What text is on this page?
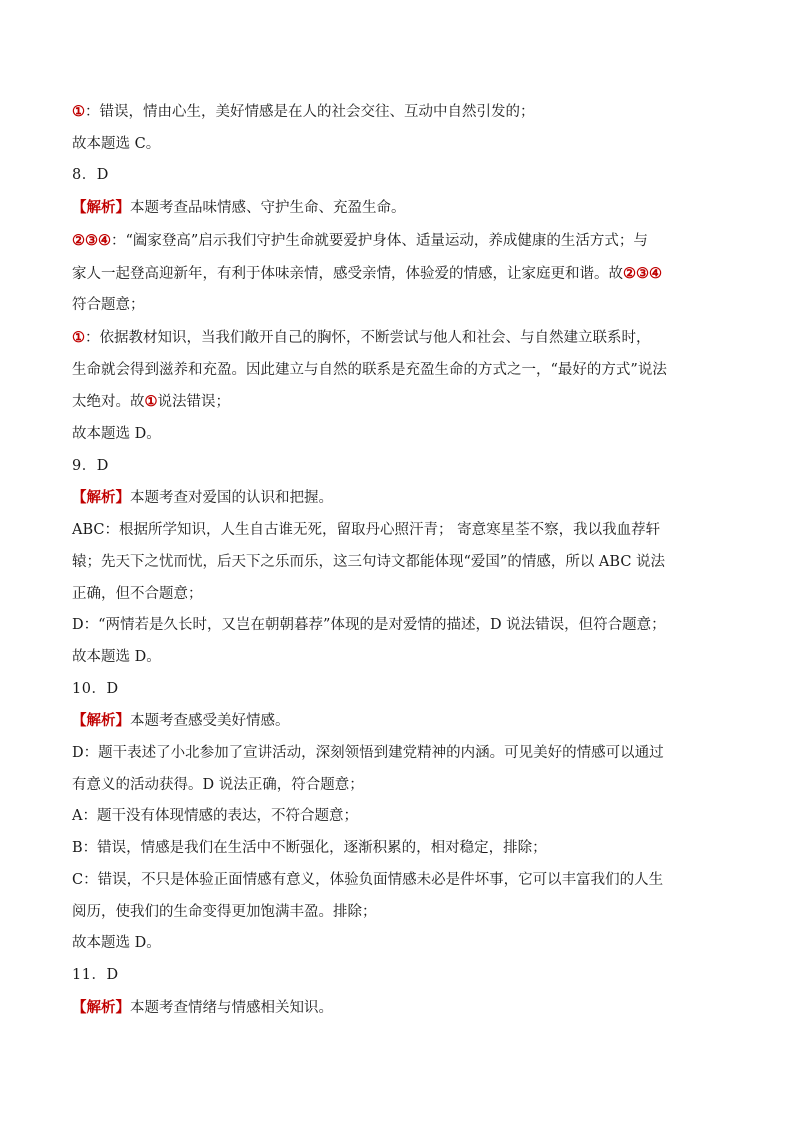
①：错误，情由心生，美好情感是在人的社会交往、互动中自然引发的；
故本题选 C。
8．D
【解析】本题考查品味情感、守护生命、充盈生命。
②③④：“阖家登高”启示我们守护生命就要爱护身体、适量运动，养成健康的生活方式；与
家人一起登高迎新年，有利于体味亲情，感受亲情，体验爱的情感，让家庭更和谐。故②③④
符合题意；
①：依据教材知识，当我们敞开自己的胸怀，不断尝试与他人和社会、与自然建立联系时，
生命就会得到滋养和充盈。因此建立与自然的联系是充盈生命的方式之一，“最好的方式”说法
太绝对。故①说法错误；
故本题选 D。
9．D
【解析】本题考查对爱国的认识和把握。
ABC：根据所学知识，人生自古谁无死，留取丹心照汗青； 寄意寒星荃不察，我以我血荐轩
辕；先天下之忧而忧，后天下之乐而乐，这三句诗文都能体现“爱国”的情感，所以 ABC 说法
正确，但不合题意；
D：“两情若是久长时，又岂在朝朝暮荐”体现的是对爱情的描述，D 说法错误，但符合题意；
故本题选 D。
10．D
【解析】本题考查感受美好情感。
D：题干表述了小北参加了宣讲活动，深刻领悟到建党精神的内涵。可见美好的情感可以通过
有意义的活动获得。D 说法正确，符合题意；
A：题干没有体现情感的表达，不符合题意；
B：错误，情感是我们在生活中不断强化，逐渐积累的，相对稳定，排除；
C：错误，不只是体验正面情感有意义，体验负面情感未必是件坏事，它可以丰富我们的人生
阅历，使我们的生命变得更加饱满丰盈。排除；
故本题选 D。
11．D
【解析】本题考查情绪与情感相关知识。
